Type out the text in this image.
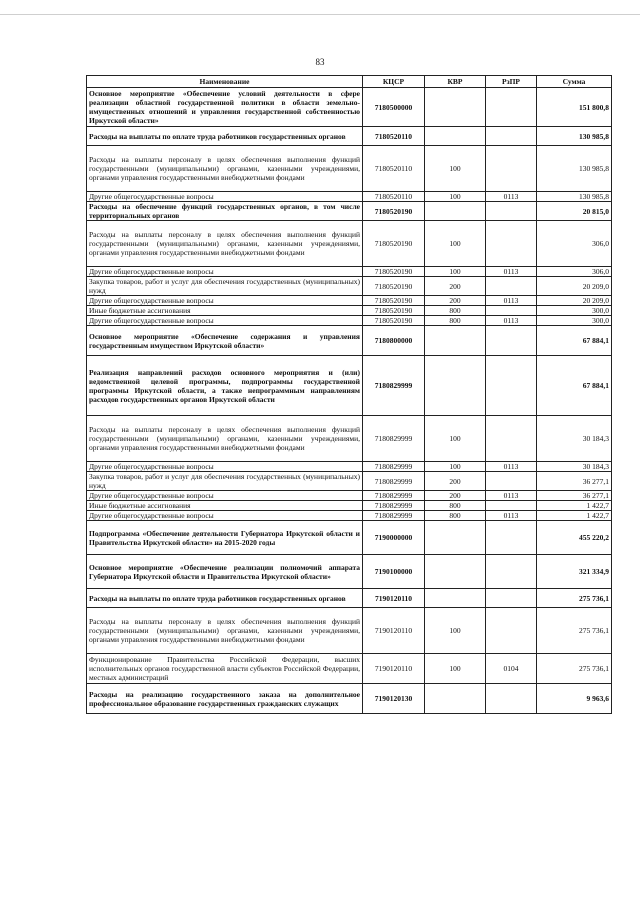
83
Наименование	КЦСР	КВР	РзПР	Сумма
Основное мероприятие «Обеспечение условий деятельности в сфере реализации областной государственной политики в области земельно-имущественных отношений и управления государственной собственностью Иркутской области»	7180500000			151 800,8
Расходы на выплаты по оплате труда работников государственных органов	7180520110			130 985,8
Расходы на выплаты персоналу в целях обеспечения выполнения функций государственными (муниципальными) органами, казенными учреждениями, органами управления государственными внебюджетными фондами	7180520110	100		130 985,8
Другие общегосударственные вопросы	7180520110	100	0113	130 985,8
Расходы на обеспечение функций государственных органов, в том числе территориальных органов	7180520190			20 815,0
Расходы на выплаты персоналу в целях обеспечения выполнения функций государственными (муниципальными) органами, казенными учреждениями, органами управления государственными внебюджетными фондами	7180520190	100		306,0
Другие общегосударственные вопросы	7180520190	100	0113	306,0
Закупка товаров, работ и услуг для обеспечения государственных (муниципальных) нужд	7180520190	200		20 209,0
Другие общегосударственные вопросы	7180520190	200	0113	20 209,0
Иные бюджетные ассигнования	7180520190	800		300,0
Другие общегосударственные вопросы	7180520190	800	0113	300,0
Основное мероприятие «Обеспечение содержания и управления государственным имуществом Иркутской области»	7180800000			67 884,1
Реализация направлений расходов основного мероприятия и (или) ведомственной целевой программы, подпрограммы государственной программы Иркутской области, а также непрограммным направлениям расходов государственных органов Иркутской области	7180829999			67 884,1
Расходы на выплаты персоналу в целях обеспечения выполнения функций государственными (муниципальными) органами, казенными учреждениями, органами управления государственными внебюджетными фондами	7180829999	100		30 184,3
Другие общегосударственные вопросы	7180829999	100	0113	30 184,3
Закупка товаров, работ и услуг для обеспечения государственных (муниципальных) нужд	7180829999	200		36 277,1
Другие общегосударственные вопросы	7180829999	200	0113	36 277,1
Иные бюджетные ассигнования	7180829999	800		1 422,7
Другие общегосударственные вопросы	7180829999	800	0113	1 422,7
Подпрограмма «Обеспечение деятельности Губернатора Иркутской области и Правительства Иркутской области» на 2015-2020 годы	7190000000			455 220,2
Основное мероприятие «Обеспечение реализации полномочий аппарата Губернатора Иркутской области и Правительства Иркутской области»	7190100000			321 334,9
Расходы на выплаты по оплате труда работников государственных органов	7190120110			275 736,1
Расходы на выплаты персоналу в целях обеспечения выполнения функций государственными (муниципальными) органами, казенными учреждениями, органами управления государственными внебюджетными фондами	7190120110	100		275 736,1
Функционирование Правительства Российской Федерации, высших исполнительных органов государственной власти субъектов Российской Федерации, местных администраций	7190120110	100	0104	275 736,1
Расходы на реализацию государственного заказа на дополнительное профессиональное образование государственных гражданских служащих	7190120130			9 963,6
